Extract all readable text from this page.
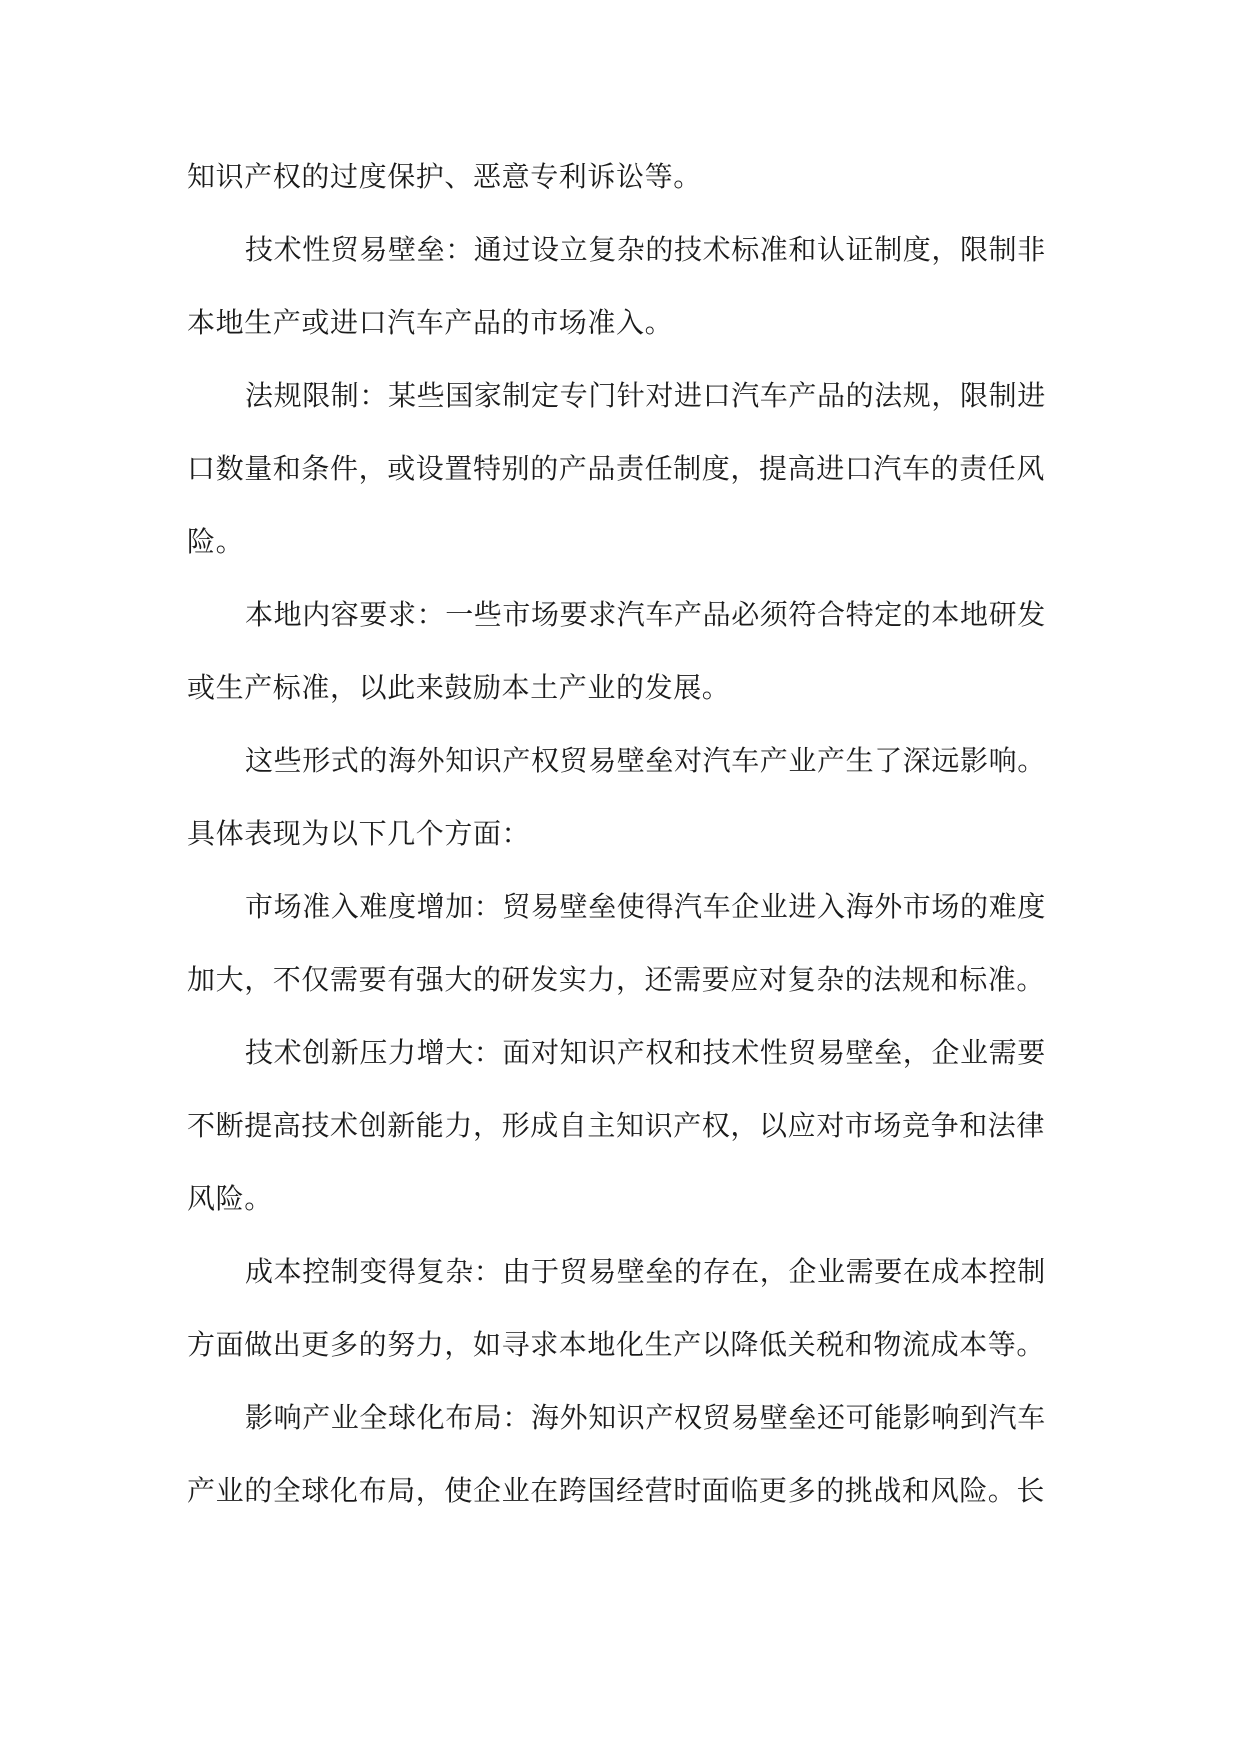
知识产权的过度保护、恶意专利诉讼等。

技术性贸易壁垒：通过设立复杂的技术标准和认证制度，限制非本地生产或进口汽车产品的市场准入。

法规限制：某些国家制定专门针对进口汽车产品的法规，限制进口数量和条件，或设置特别的产品责任制度，提高进口汽车的责任风险。

本地内容要求：一些市场要求汽车产品必须符合特定的本地研发或生产标准，以此来鼓励本土产业的发展。

这些形式的海外知识产权贸易壁垒对汽车产业产生了深远影响。具体表现为以下几个方面：

市场准入难度增加：贸易壁垒使得汽车企业进入海外市场的难度加大，不仅需要有强大的研发实力，还需要应对复杂的法规和标准。

技术创新压力增大：面对知识产权和技术性贸易壁垒，企业需要不断提高技术创新能力，形成自主知识产权，以应对市场竞争和法律风险。

成本控制变得复杂：由于贸易壁垒的存在，企业需要在成本控制方面做出更多的努力，如寻求本地化生产以降低关税和物流成本等。

影响产业全球化布局：海外知识产权贸易壁垒还可能影响到汽车产业的全球化布局，使企业在跨国经营时面临更多的挑战和风险。长
